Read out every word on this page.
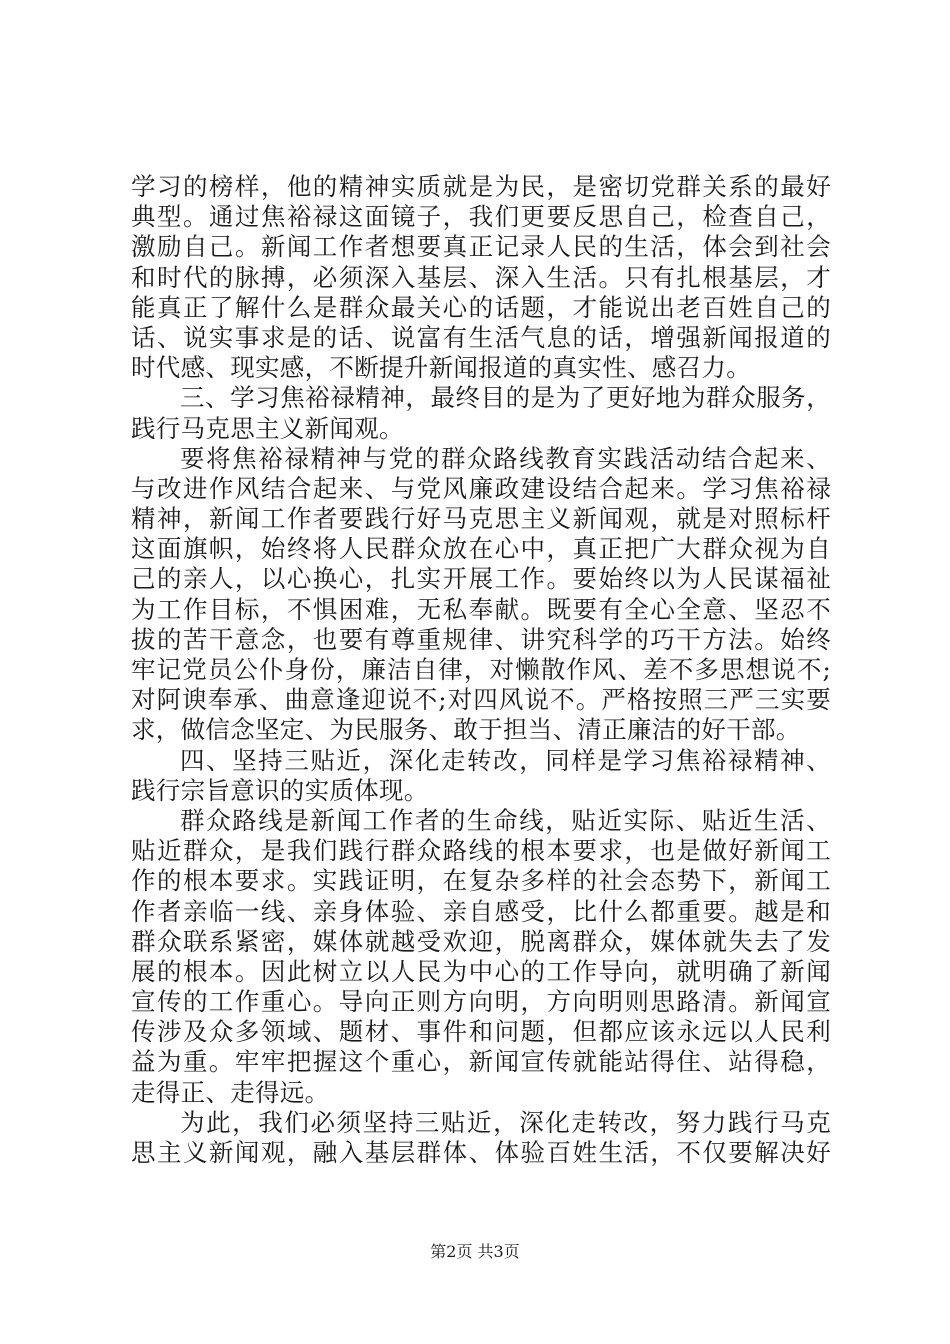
学习的榜样，他的精神实质就是为民，是密切党群关系的最好
典型。通过焦裕禄这面镜子，我们更要反思自己，检查自己，
激励自己。新闻工作者想要真正记录人民的生活，体会到社会
和时代的脉搏，必须深入基层、深入生活。只有扎根基层，才
能真正了解什么是群众最关心的话题，才能说出老百姓自己的
话、说实事求是的话、说富有生活气息的话，增强新闻报道的
时代感、现实感，不断提升新闻报道的真实性、感召力。
三、学习焦裕禄精神，最终目的是为了更好地为群众服务，
践行马克思主义新闻观。
要将焦裕禄精神与党的群众路线教育实践活动结合起来、
与改进作风结合起来、与党风廉政建设结合起来。学习焦裕禄
精神，新闻工作者要践行好马克思主义新闻观，就是对照标杆
这面旗帜，始终将人民群众放在心中，真正把广大群众视为自
己的亲人，以心换心，扎实开展工作。要始终以为人民谋福祉
为工作目标，不惧困难，无私奉献。既要有全心全意、坚忍不
拔的苦干意念，也要有尊重规律、讲究科学的巧干方法。始终
牢记党员公仆身份，廉洁自律，对懒散作风、差不多思想说不;
对阿谀奉承、曲意逢迎说不;对四风说不。严格按照三严三实要
求，做信念坚定、为民服务、敢于担当、清正廉洁的好干部。
四、坚持三贴近，深化走转改，同样是学习焦裕禄精神、
践行宗旨意识的实质体现。
群众路线是新闻工作者的生命线，贴近实际、贴近生活、
贴近群众，是我们践行群众路线的根本要求，也是做好新闻工
作的根本要求。实践证明，在复杂多样的社会态势下，新闻工
作者亲临一线、亲身体验、亲自感受，比什么都重要。越是和
群众联系紧密，媒体就越受欢迎，脱离群众，媒体就失去了发
展的根本。因此树立以人民为中心的工作导向，就明确了新闻
宣传的工作重心。导向正则方向明，方向明则思路清。新闻宣
传涉及众多领域、题材、事件和问题，但都应该永远以人民利
益为重。牢牢把握这个重心，新闻宣传就能站得住、站得稳，
走得正、走得远。
为此，我们必须坚持三贴近，深化走转改，努力践行马克
思主义新闻观，融入基层群体、体验百姓生活，不仅要解决好
第2页 共3页
